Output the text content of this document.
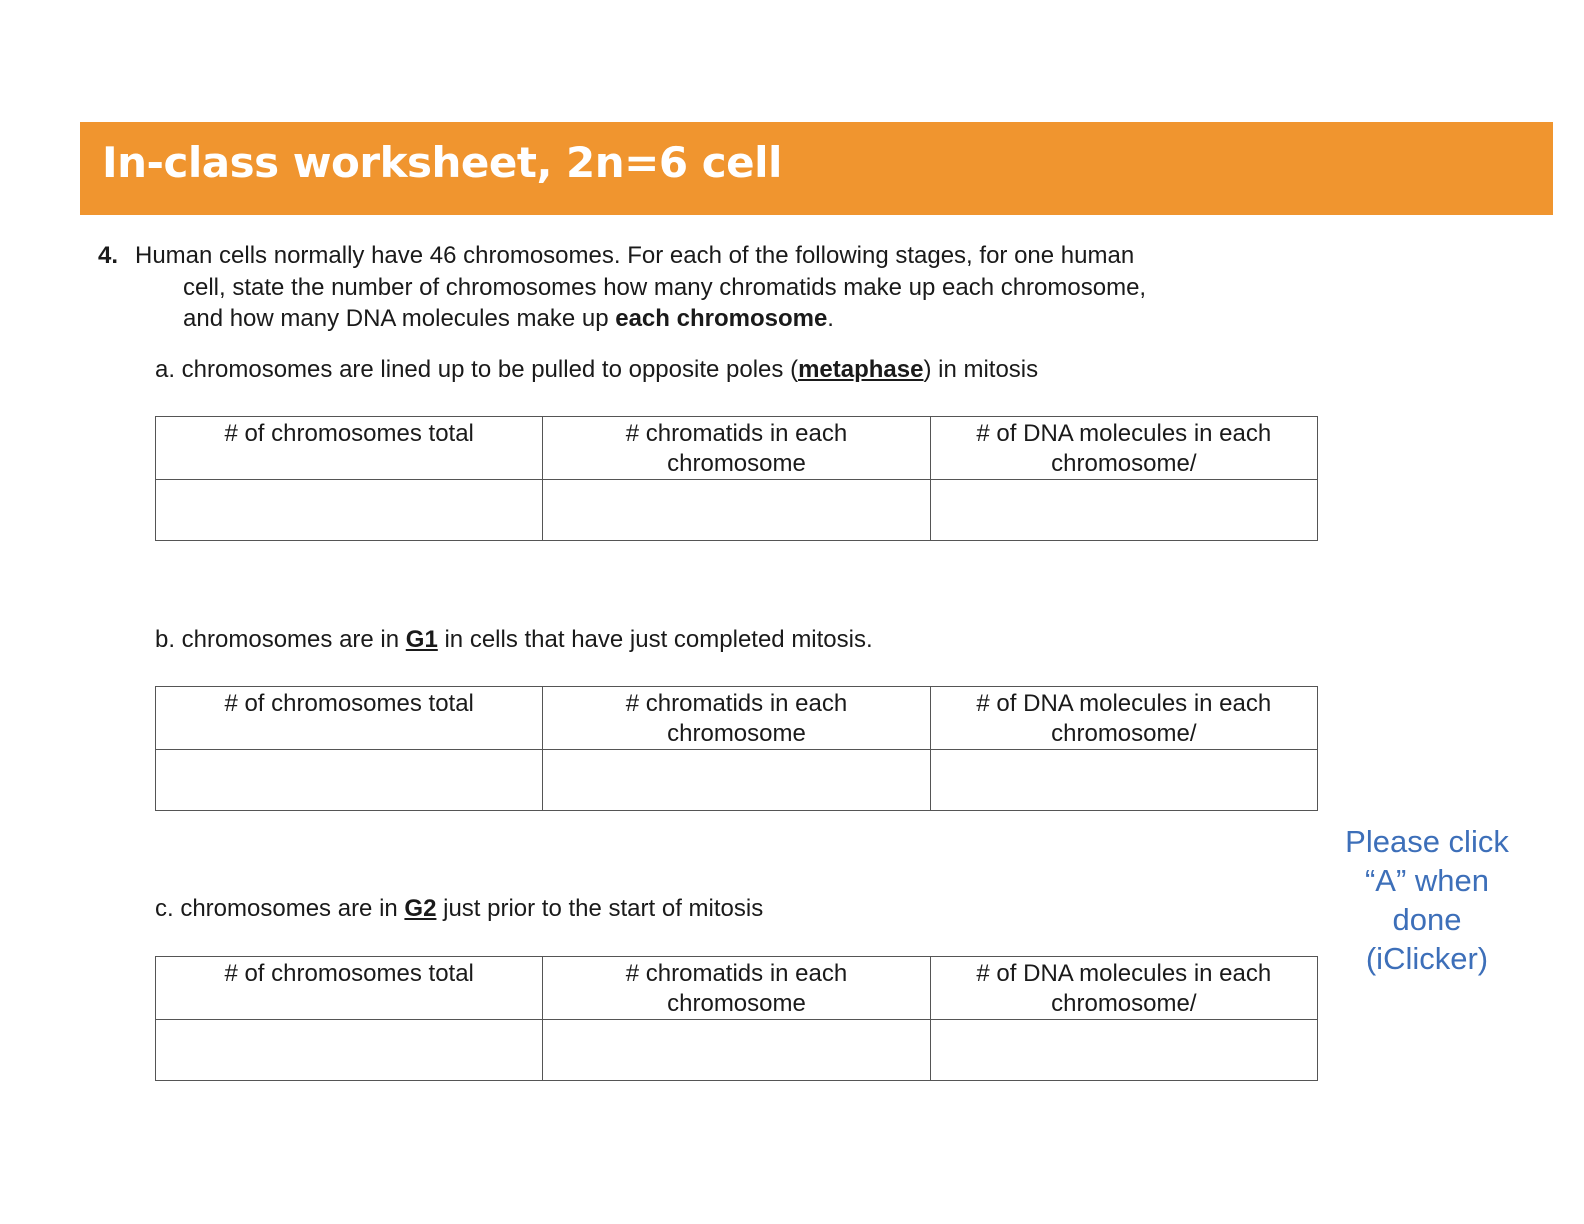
In-class worksheet, 2n=6 cell
4. Human cells normally have 46 chromosomes. For each of the following stages, for one human
cell, state the number of chromosomes how many chromatids make up each chromosome,
and how many DNA molecules make up each chromosome.
a. chromosomes are lined up to be pulled to opposite poles (metaphase) in mitosis
# of chromosomes total	# chromatids in each chromosome	# of DNA molecules in each chromosome/

b. chromosomes are in G1 in cells that have just completed mitosis.
# of chromosomes total	# chromatids in each chromosome	# of DNA molecules in each chromosome/

c. chromosomes are in G2 just prior to the start of mitosis
# of chromosomes total	# chromatids in each chromosome	# of DNA molecules in each chromosome/

Please click
“A” when
done
(iClicker)
